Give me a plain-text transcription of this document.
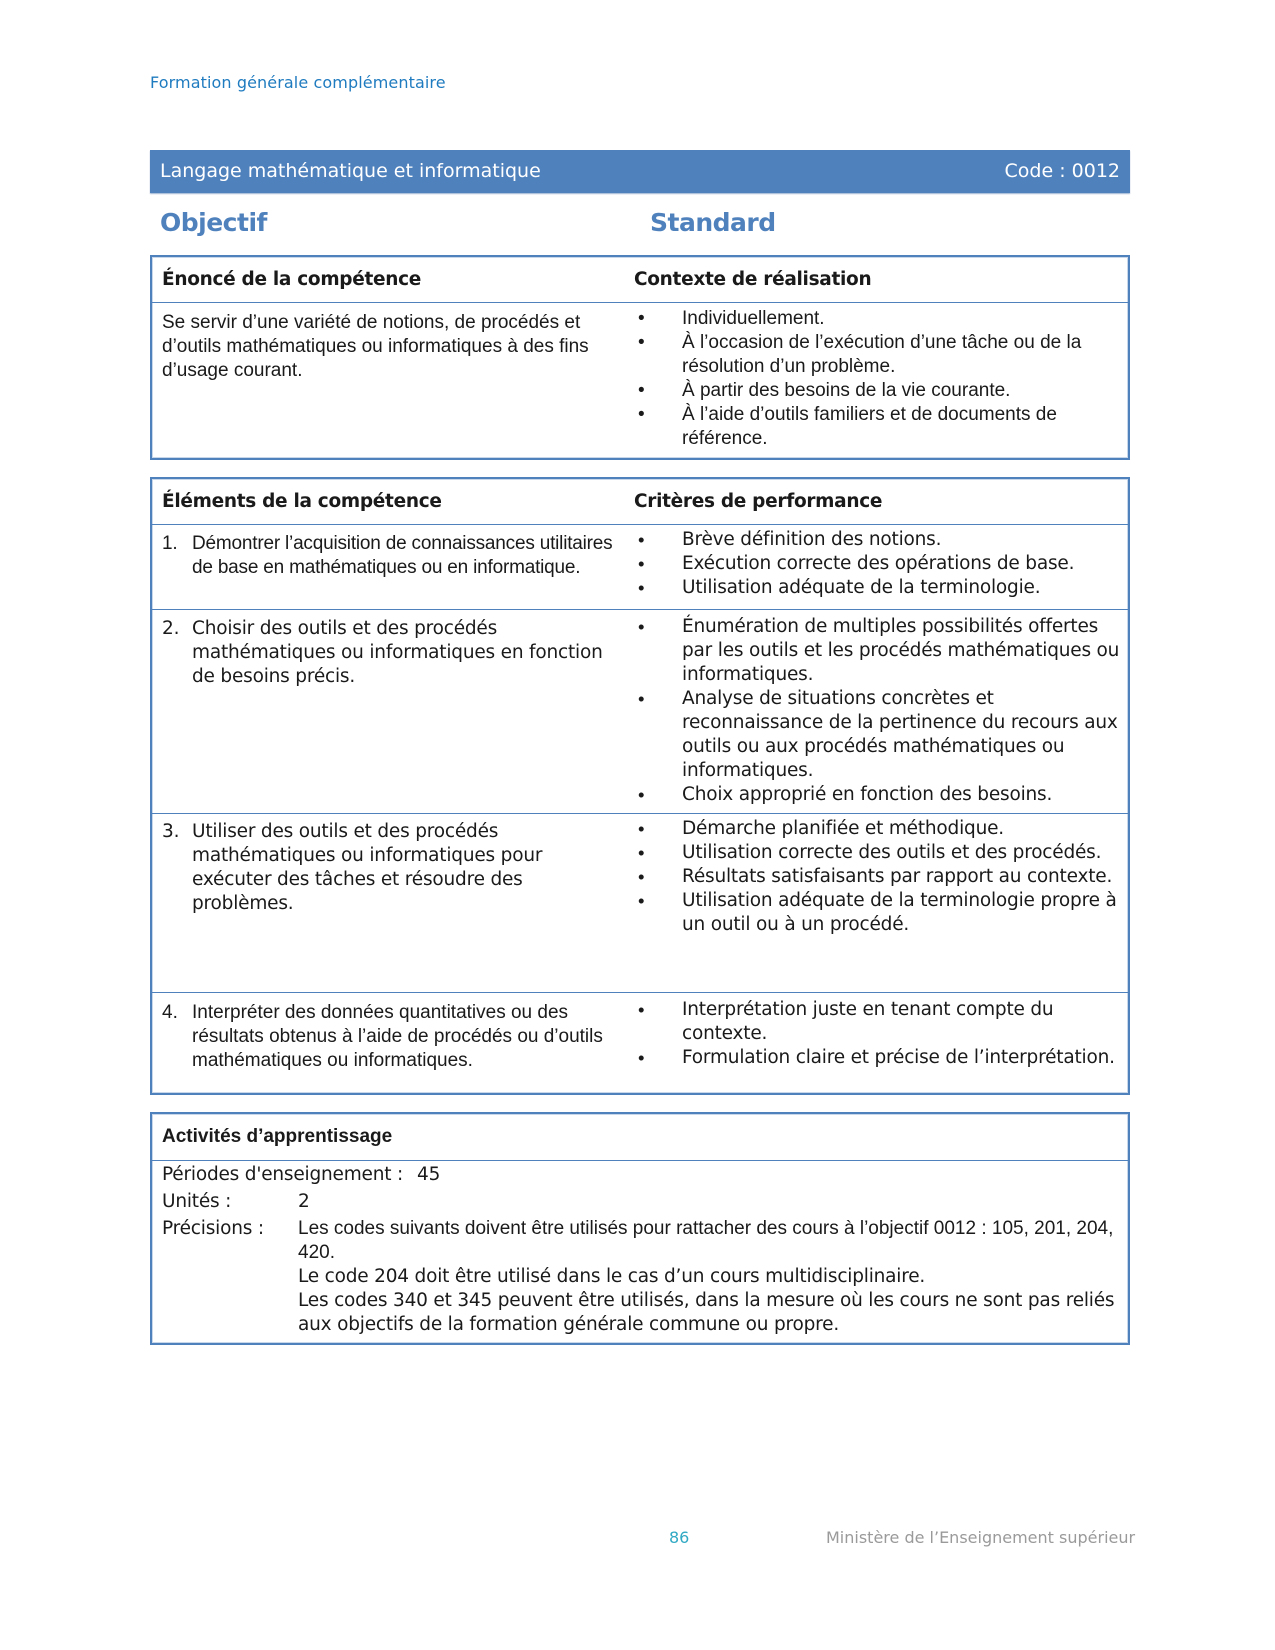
Formation générale complémentaire
Langage mathématique et informatique	Code : 0012
Objectif	Standard
Énoncé de la compétence	Contexte de réalisation
Se servir d’une variété de notions, de procédés et d’outils mathématiques ou informatiques à des fins d’usage courant.
• Individuellement.
• À l’occasion de l’exécution d’une tâche ou de la résolution d’un problème.
• À partir des besoins de la vie courante.
• À l’aide d’outils familiers et de documents de référence.
Éléments de la compétence	Critères de performance
1. Démontrer l’acquisition de connaissances utilitaires de base en mathématiques ou en informatique.
• Brève définition des notions.
• Exécution correcte des opérations de base.
• Utilisation adéquate de la terminologie.
2. Choisir des outils et des procédés mathématiques ou informatiques en fonction de besoins précis.
• Énumération de multiples possibilités offertes par les outils et les procédés mathématiques ou informatiques.
• Analyse de situations concrètes et reconnaissance de la pertinence du recours aux outils ou aux procédés mathématiques ou informatiques.
• Choix approprié en fonction des besoins.
3. Utiliser des outils et des procédés mathématiques ou informatiques pour exécuter des tâches et résoudre des problèmes.
• Démarche planifiée et méthodique.
• Utilisation correcte des outils et des procédés.
• Résultats satisfaisants par rapport au contexte.
• Utilisation adéquate de la terminologie propre à un outil ou à un procédé.
4. Interpréter des données quantitatives ou des résultats obtenus à l’aide de procédés ou d’outils mathématiques ou informatiques.
• Interprétation juste en tenant compte du contexte.
• Formulation claire et précise de l’interprétation.
Activités d’apprentissage
Périodes d'enseignement : 45
Unités :	2
Précisions :	Les codes suivants doivent être utilisés pour rattacher des cours à l’objectif 0012 : 105, 201, 204, 420.
Le code 204 doit être utilisé dans le cas d’un cours multidisciplinaire.
Les codes 340 et 345 peuvent être utilisés, dans la mesure où les cours ne sont pas reliés aux objectifs de la formation générale commune ou propre.
86	Ministère de l’Enseignement supérieur
